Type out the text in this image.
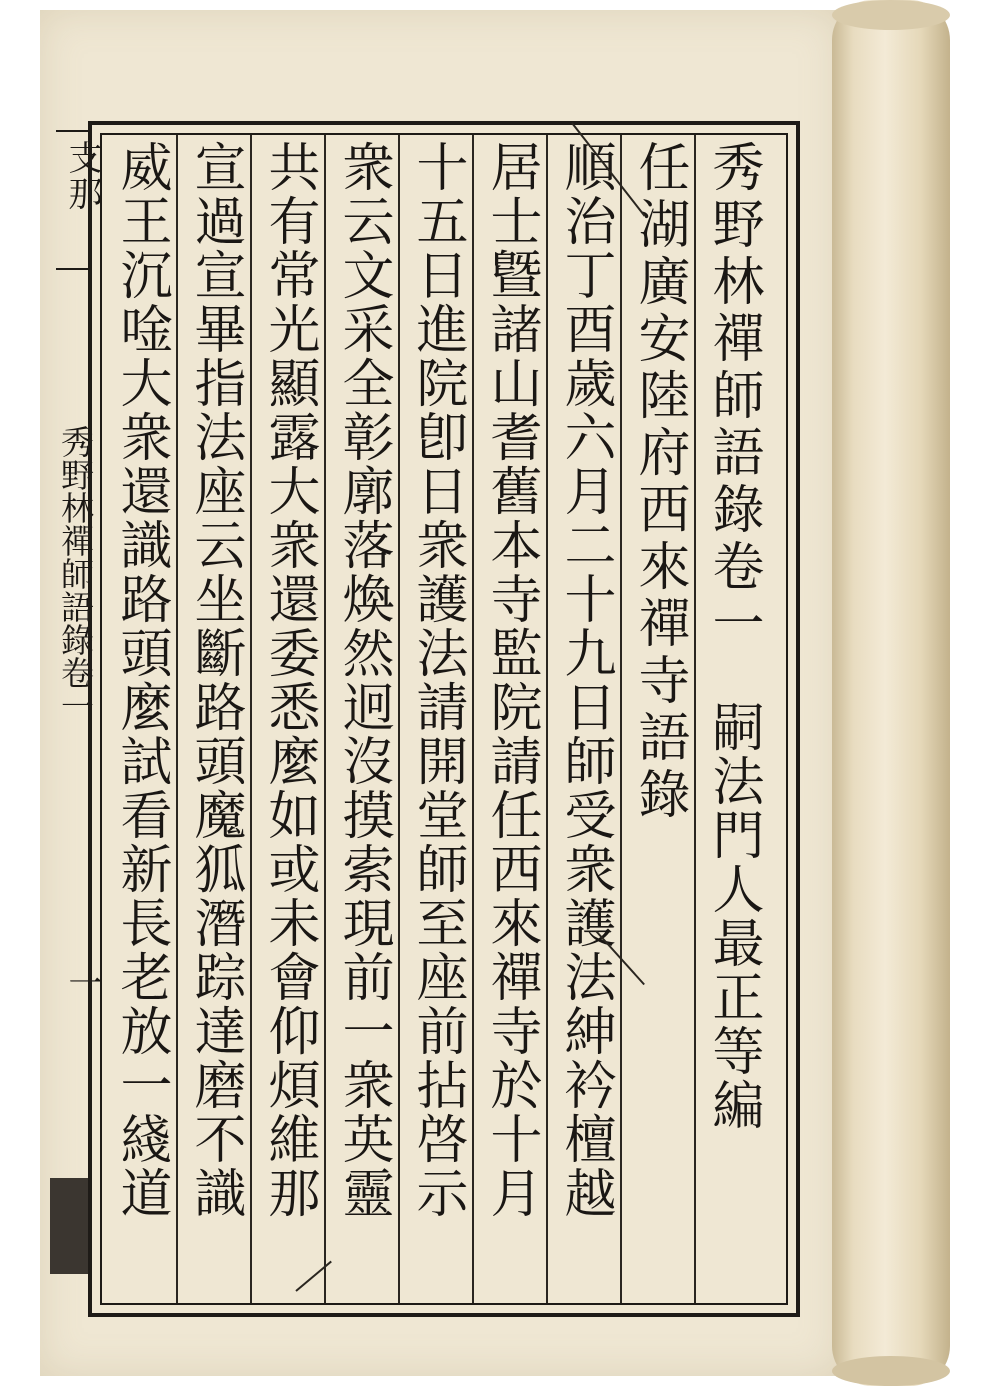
支那
秀野林禪師語錄卷一
一
秀野林禪師語錄卷一
嗣法門人最正等編
任湖廣安陸府西來禪寺語錄
順治丁酉歲六月二十九日師受衆護法紳衿檀越
居士曁諸山耆舊本寺監院請任西來禪寺於十月
十五日進院卽日衆護法請開堂師至座前拈啓示
衆云文采全彰廓落煥然迥沒摸索現前一衆英靈
共有常光顯露大衆還委悉麼如或未會仰煩維那
宣過宣畢指法座云坐斷路頭魔狐潛踪達磨不識
威王沉唫大衆還識路頭麼試看新長老放一綫道
